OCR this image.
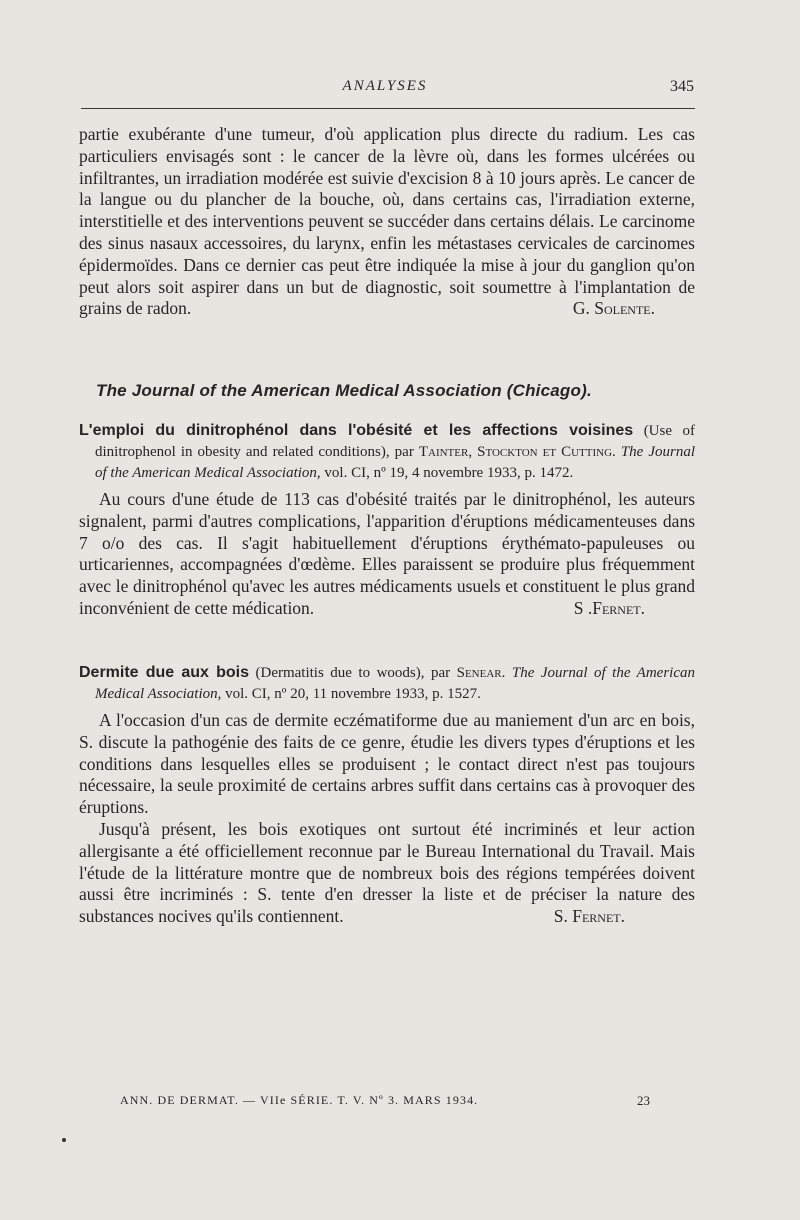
ANALYSES	345
partie exubérante d'une tumeur, d'où application plus directe du radium. Les cas particuliers envisagés sont : le cancer de la lèvre où, dans les formes ulcérées ou infiltrantes, un irradiation modérée est suivie d'excision 8 à 10 jours après. Le cancer de la langue ou du plancher de la bouche, où, dans certains cas, l'irradiation externe, interstitielle et des interventions peuvent se succéder dans certains délais. Le carcinome des sinus nasaux accessoires, du larynx, enfin les métastases cervicales de carcinomes épidermoïdes. Dans ce dernier cas peut être indiquée la mise à jour du ganglion qu'on peut alors soit aspirer dans un but de diagnostic, soit soumettre à l'implantation de grains de radon.	G. Solente.
The Journal of the American Medical Association (Chicago).
L'emploi du dinitrophénol dans l'obésité et les affections voisines (Use of dinitrophenol in obesity and related conditions), par Tainter, Stockton et Cutting. The Journal of the American Medical Association, vol. CI, nº 19, 4 novembre 1933, p. 1472.
Au cours d'une étude de 113 cas d'obésité traités par le dinitrophénol, les auteurs signalent, parmi d'autres complications, l'apparition d'éruptions médicamenteuses dans 7 o/o des cas. Il s'agit habituellement d'éruptions érythémato-papuleuses ou urticariennes, accompagnées d'œdème. Elles paraissent se produire plus fréquemment avec le dinitrophénol qu'avec les autres médicaments usuels et constituent le plus grand inconvénient de cette médication.	S .Fernet.
Dermite due aux bois (Dermatitis due to woods), par Senear. The Journal of the American Medical Association, vol. CI, nº 20, 11 novembre 1933, p. 1527.

A l'occasion d'un cas de dermite eczématiforme due au maniement d'un arc en bois, S. discute la pathogénie des faits de ce genre, étudie les divers types d'éruptions et les conditions dans lesquelles elles se produisent ; le contact direct n'est pas toujours nécessaire, la seule proximité de certains arbres suffit dans certains cas à provoquer des éruptions.

Jusqu'à présent, les bois exotiques ont surtout été incriminés et leur action allergisante a été officiellement reconnue par le Bureau International du Travail. Mais l'étude de la littérature montre que de nombreux bois des régions tempérées doivent aussi être incriminés : S. tente d'en dresser la liste et de préciser la nature des substances nocives qu'ils contiennent.	S. Fernet.
ANN. DE DERMAT. — VIIe SÉRIE. T. V. Nº 3. MARS 1934.	23
